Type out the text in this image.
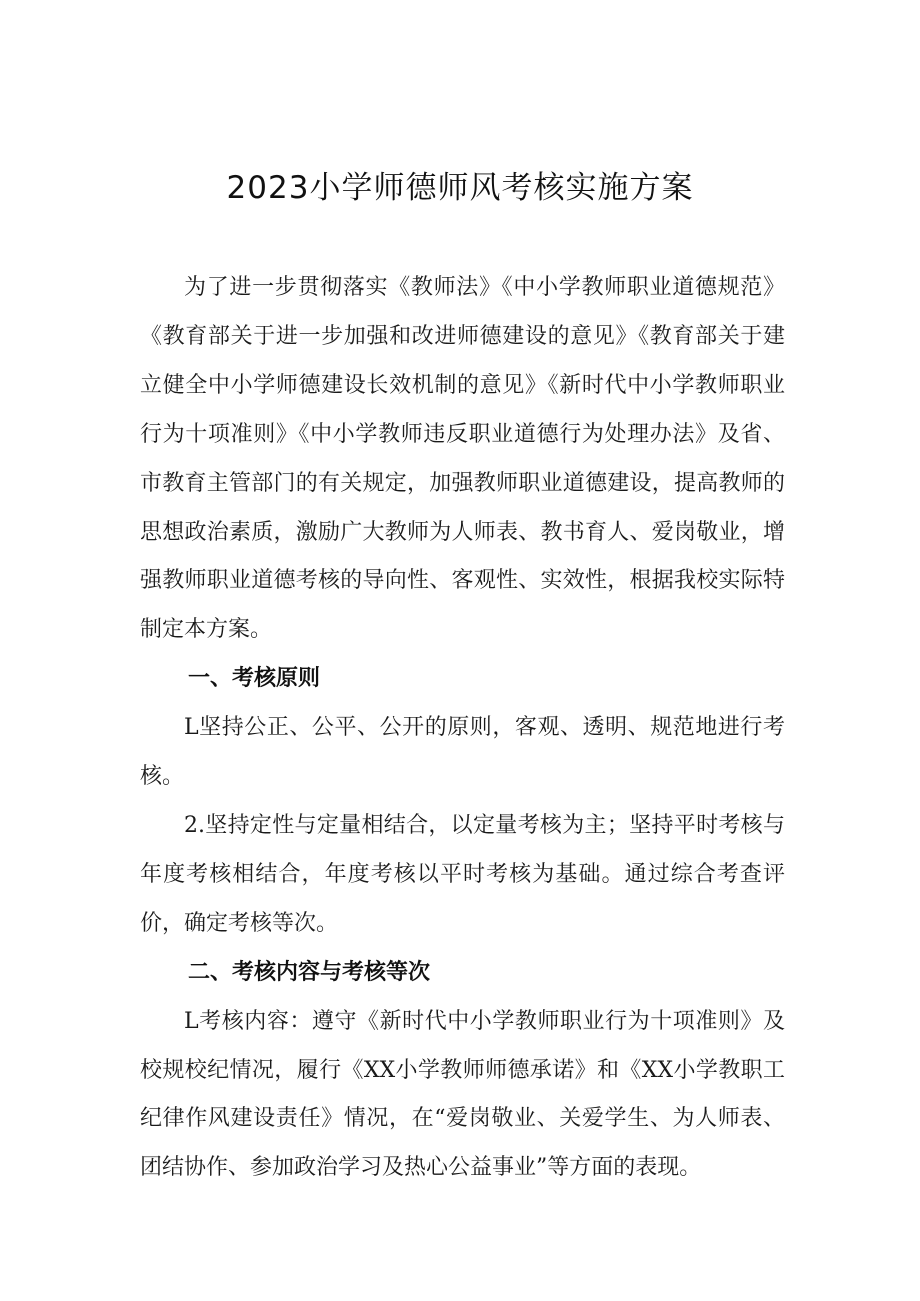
2023小学师德师风考核实施方案

为了进一步贯彻落实《教师法》《中小学教师职业道德规范》《教育部关于进一步加强和改进师德建设的意见》《教育部关于建立健全中小学师德建设长效机制的意见》《新时代中小学教师职业行为十项准则》《中小学教师违反职业道德行为处理办法》及省、市教育主管部门的有关规定，加强教师职业道德建设，提高教师的思想政治素质，激励广大教师为人师表、教书育人、爱岗敬业，增强教师职业道德考核的导向性、客观性、实效性，根据我校实际特制定本方案。

一、考核原则

L坚持公正、公平、公开的原则，客观、透明、规范地进行考核。

2.坚持定性与定量相结合，以定量考核为主；坚持平时考核与年度考核相结合，年度考核以平时考核为基础。通过综合考查评价，确定考核等次。

二、考核内容与考核等次

L考核内容：遵守《新时代中小学教师职业行为十项准则》及校规校纪情况，履行《XX小学教师师德承诺》和《XX小学教职工纪律作风建设责任》情况，在“爱岗敬业、关爱学生、为人师表、团结协作、参加政治学习及热心公益事业”等方面的表现。
